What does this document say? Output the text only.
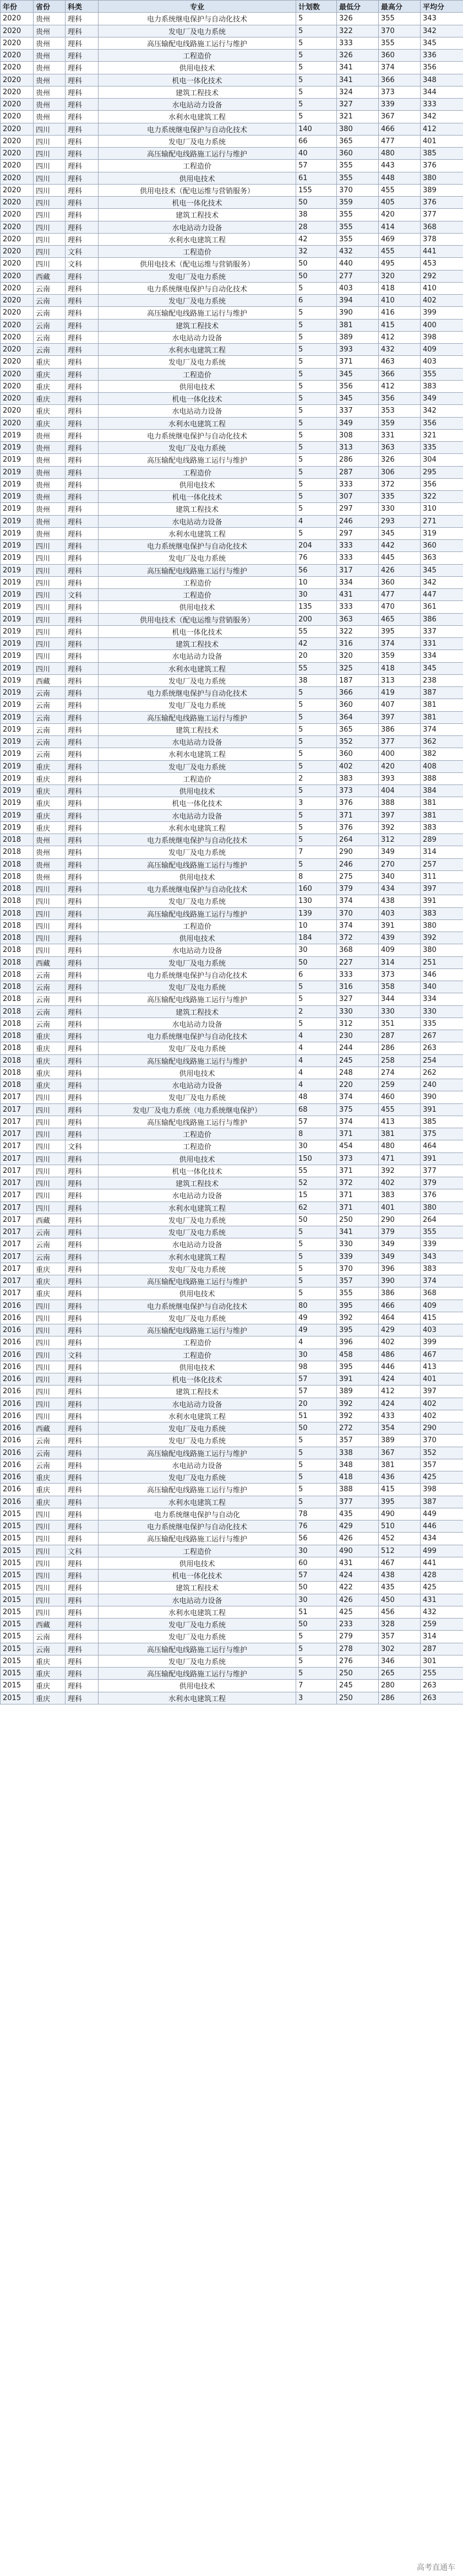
年份	省份	科类	专业	计划数	最低分	最高分	平均分
2020	贵州	理科	电力系统继电保护与自动化技术	5	326	355	343
2020	贵州	理科	发电厂及电力系统	5	322	370	342
2020	贵州	理科	高压输配电线路施工运行与维护	5	333	355	345
2020	贵州	理科	工程造价	5	326	360	336
2020	贵州	理科	供用电技术	5	341	374	356
2020	贵州	理科	机电一体化技术	5	341	366	348
2020	贵州	理科	建筑工程技术	5	324	373	344
2020	贵州	理科	水电站动力设备	5	327	339	333
2020	贵州	理科	水利水电建筑工程	5	321	367	342
2020	四川	理科	电力系统继电保护与自动化技术	140	380	466	412
2020	四川	理科	发电厂及电力系统	66	365	477	401
2020	四川	理科	高压输配电线路施工运行与维护	40	360	480	385
2020	四川	理科	工程造价	57	355	443	376
2020	四川	理科	供用电技术	61	355	448	380
2020	四川	理科	供用电技术（配电运维与营销服务）	155	370	455	389
2020	四川	理科	机电一体化技术	50	359	405	376
2020	四川	理科	建筑工程技术	38	355	420	377
2020	四川	理科	水电站动力设备	28	355	414	368
2020	四川	理科	水利水电建筑工程	42	355	469	378
2020	四川	文科	工程造价	32	432	455	441
2020	四川	文科	供用电技术（配电运维与营销服务）	50	440	495	453
2020	西藏	理科	发电厂及电力系统	50	277	320	292
2020	云南	理科	电力系统继电保护与自动化技术	5	403	418	410
2020	云南	理科	发电厂及电力系统	6	394	410	402
2020	云南	理科	高压输配电线路施工运行与维护	5	390	416	399
2020	云南	理科	建筑工程技术	5	381	415	400
2020	云南	理科	水电站动力设备	5	389	412	398
2020	云南	理科	水利水电建筑工程	5	393	432	409
2020	重庆	理科	发电厂及电力系统	5	371	463	403
2020	重庆	理科	工程造价	5	345	366	355
2020	重庆	理科	供用电技术	5	356	412	383
2020	重庆	理科	机电一体化技术	5	345	356	349
2020	重庆	理科	水电站动力设备	5	337	353	342
2020	重庆	理科	水利水电建筑工程	5	349	359	356
2019	贵州	理科	电力系统继电保护与自动化技术	5	308	331	321
2019	贵州	理科	发电厂及电力系统	5	313	363	335
2019	贵州	理科	高压输配电线路施工运行与维护	5	286	326	304
2019	贵州	理科	工程造价	5	287	306	295
2019	贵州	理科	供用电技术	5	333	372	356
2019	贵州	理科	机电一体化技术	5	307	335	322
2019	贵州	理科	建筑工程技术	5	297	330	310
2019	贵州	理科	水电站动力设备	4	246	293	271
2019	贵州	理科	水利水电建筑工程	5	297	345	319
2019	四川	理科	电力系统继电保护与自动化技术	204	333	442	360
2019	四川	理科	发电厂及电力系统	76	333	445	363
2019	四川	理科	高压输配电线路施工运行与维护	56	317	426	345
2019	四川	理科	工程造价	10	334	360	342
2019	四川	文科	工程造价	30	431	477	447
2019	四川	理科	供用电技术	135	333	470	361
2019	四川	理科	供用电技术（配电运维与营销服务）	200	363	465	386
2019	四川	理科	机电一体化技术	55	322	395	337
2019	四川	理科	建筑工程技术	42	316	374	331
2019	四川	理科	水电站动力设备	20	320	359	334
2019	四川	理科	水利水电建筑工程	55	325	418	345
2019	西藏	理科	发电厂及电力系统	38	187	313	238
2019	云南	理科	电力系统继电保护与自动化技术	5	366	419	387
2019	云南	理科	发电厂及电力系统	5	360	407	381
2019	云南	理科	高压输配电线路施工运行与维护	5	364	397	381
2019	云南	理科	建筑工程技术	5	365	386	374
2019	云南	理科	水电站动力设备	5	352	377	362
2019	云南	理科	水利水电建筑工程	5	360	400	382
2019	重庆	理科	发电厂及电力系统	5	402	420	408
2019	重庆	理科	工程造价	2	383	393	388
2019	重庆	理科	供用电技术	5	373	404	384
2019	重庆	理科	机电一体化技术	3	376	388	381
2019	重庆	理科	水电站动力设备	5	371	397	381
2019	重庆	理科	水利水电建筑工程	5	376	392	383
2018	贵州	理科	电力系统继电保护与自动化技术	5	264	312	289
2018	贵州	理科	发电厂及电力系统	7	290	349	314
2018	贵州	理科	高压输配电线路施工运行与维护	5	246	270	257
2018	贵州	理科	供用电技术	8	275	340	311
2018	四川	理科	电力系统继电保护与自动化技术	160	379	434	397
2018	四川	理科	发电厂及电力系统	130	374	438	391
2018	四川	理科	高压输配电线路施工运行与维护	139	370	403	383
2018	四川	理科	工程造价	10	374	391	380
2018	四川	理科	供用电技术	184	372	439	392
2018	四川	理科	水电站动力设备	30	368	409	380
2018	西藏	理科	发电厂及电力系统	50	227	314	251
2018	云南	理科	电力系统继电保护与自动化技术	6	333	373	346
2018	云南	理科	发电厂及电力系统	5	316	358	340
2018	云南	理科	高压输配电线路施工运行与维护	5	327	344	334
2018	云南	理科	建筑工程技术	2	330	330	330
2018	云南	理科	水电站动力设备	5	312	351	335
2018	重庆	理科	电力系统继电保护与自动化技术	4	230	287	267
2018	重庆	理科	发电厂及电力系统	4	244	286	263
2018	重庆	理科	高压输配电线路施工运行与维护	4	245	258	254
2018	重庆	理科	供用电技术	4	248	274	262
2018	重庆	理科	水电站动力设备	4	220	259	240
2017	四川	理科	发电厂及电力系统	48	374	460	390
2017	四川	理科	发电厂及电力系统（电力系统继电保护）	68	375	455	391
2017	四川	理科	高压输配电线路施工运行与维护	57	374	413	385
2017	四川	理科	工程造价	8	371	381	375
2017	四川	文科	工程造价	30	454	480	464
2017	四川	理科	供用电技术	150	373	471	391
2017	四川	理科	机电一体化技术	55	371	392	377
2017	四川	理科	建筑工程技术	52	372	402	379
2017	四川	理科	水电站动力设备	15	371	383	376
2017	四川	理科	水利水电建筑工程	62	371	401	380
2017	西藏	理科	发电厂及电力系统	50	250	290	264
2017	云南	理科	发电厂及电力系统	5	341	379	355
2017	云南	理科	水电站动力设备	5	330	349	339
2017	云南	理科	水利水电建筑工程	5	339	349	343
2017	重庆	理科	发电厂及电力系统	5	370	396	383
2017	重庆	理科	高压输配电线路施工运行与维护	5	357	390	374
2017	重庆	理科	供用电技术	5	355	386	368
2016	四川	理科	电力系统继电保护与自动化技术	80	395	466	409
2016	四川	理科	发电厂及电力系统	49	392	464	415
2016	四川	理科	高压输配电线路施工运行与维护	49	395	429	403
2016	四川	理科	工程造价	4	396	402	399
2016	四川	文科	工程造价	30	458	486	467
2016	四川	理科	供用电技术	98	395	446	413
2016	四川	理科	机电一体化技术	57	391	424	401
2016	四川	理科	建筑工程技术	57	389	412	397
2016	四川	理科	水电站动力设备	20	392	424	402
2016	四川	理科	水利水电建筑工程	51	392	433	402
2016	西藏	理科	发电厂及电力系统	50	272	354	290
2016	云南	理科	发电厂及电力系统	5	357	389	370
2016	云南	理科	高压输配电线路施工运行与维护	5	338	367	352
2016	云南	理科	水电站动力设备	5	348	381	357
2016	重庆	理科	发电厂及电力系统	5	418	436	425
2016	重庆	理科	高压输配电线路施工运行与维护	5	388	415	398
2016	重庆	理科	水利水电建筑工程	5	377	395	387
2015	四川	理科	电力系统继电保护与自动化	78	435	490	449
2015	四川	理科	电力系统继电保护与自动化技术	76	429	510	446
2015	四川	理科	高压输配电线路施工运行与维护	56	426	452	434
2015	四川	文科	工程造价	30	490	512	499
2015	四川	理科	供用电技术	60	431	467	441
2015	四川	理科	机电一体化技术	57	424	438	428
2015	四川	理科	建筑工程技术	50	422	435	425
2015	四川	理科	水电站动力设备	30	426	450	431
2015	四川	理科	水利水电建筑工程	51	425	456	432
2015	西藏	理科	发电厂及电力系统	50	233	328	259
2015	云南	理科	发电厂及电力系统	5	279	357	314
2015	云南	理科	高压输配电线路施工运行与维护	5	278	302	287
2015	重庆	理科	发电厂及电力系统	5	276	346	301
2015	重庆	理科	高压输配电线路施工运行与维护	5	250	265	255
2015	重庆	理科	供用电技术	7	245	280	263
2015	重庆	理科	水利水电建筑工程	3	250	286	263
高考直通车
